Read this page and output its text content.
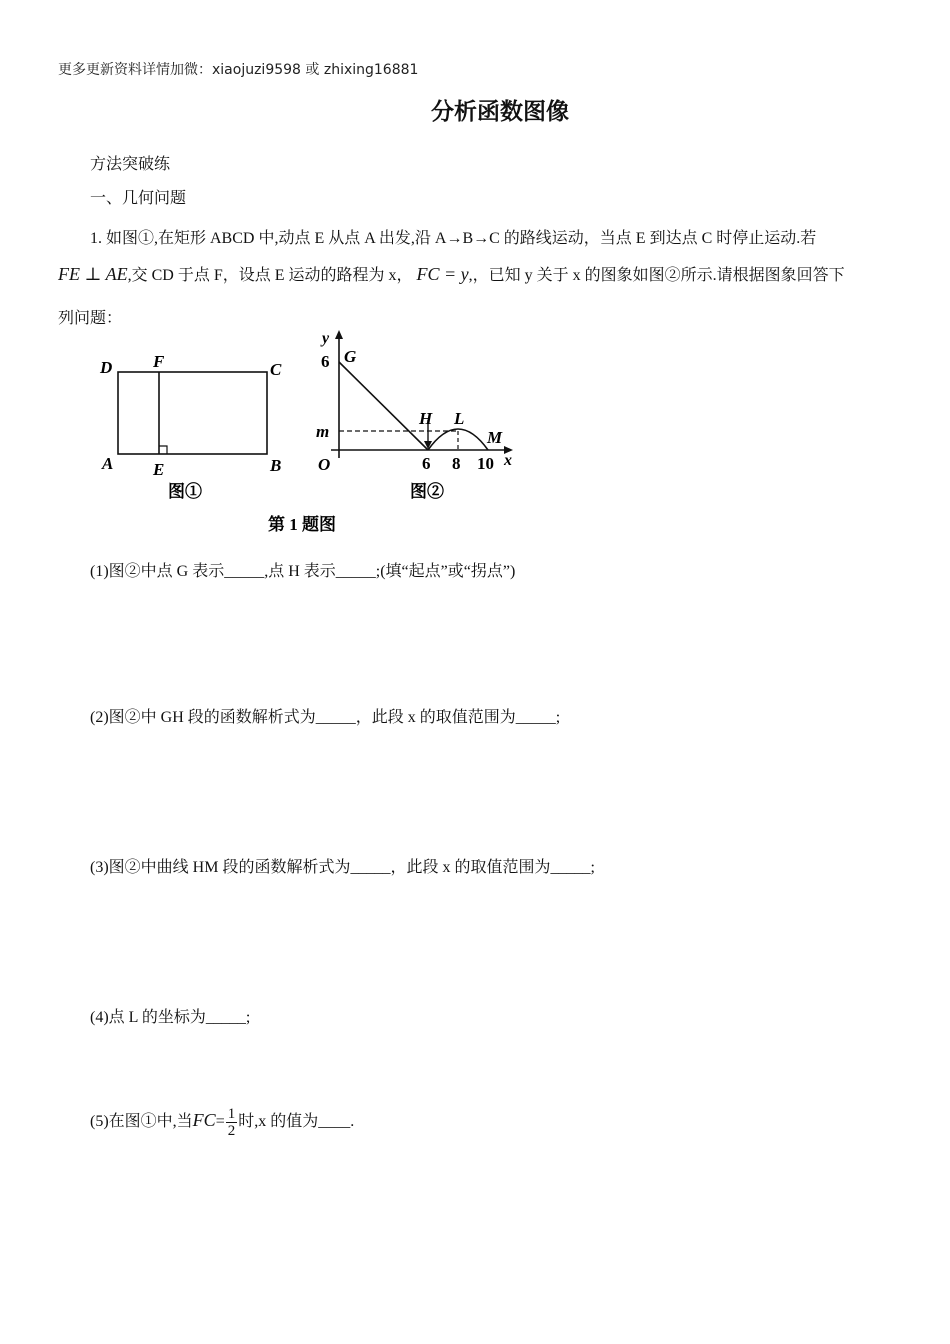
更多更新资料详情加微：xiaojuzi9598 或 zhixing16881
分析函数图像
方法突破练
一、几何问题
1. 如图①,在矩形 ABCD 中,动点 E 从点 A 出发,沿 A→B→C 的路线运动，当点 E 到达点 C 时停止运动.若
FE ⊥ AE,交 CD 于点 F，设点 E 运动的路程为 x， FC = y,，已知 y 关于 x 的图象如图②所示.请根据图象回答下
列问题：
D F	C
A E	B
图①
y
x
O
G
6
m
H L
M
6 8 10
图②
第 1 题图
(1)图②中点 G 表示_____,点 H 表示_____;(填“起点”或“拐点”)
(2)图②中 GH 段的函数解析式为_____，此段 x 的取值范围为_____;
(3)图②中曲线 HM 段的函数解析式为_____，此段 x 的取值范围为_____;
(4)点 L 的坐标为_____;
(5)在图①中,当$FC= \frac{1}{2}$ 时,x 的值为____.
